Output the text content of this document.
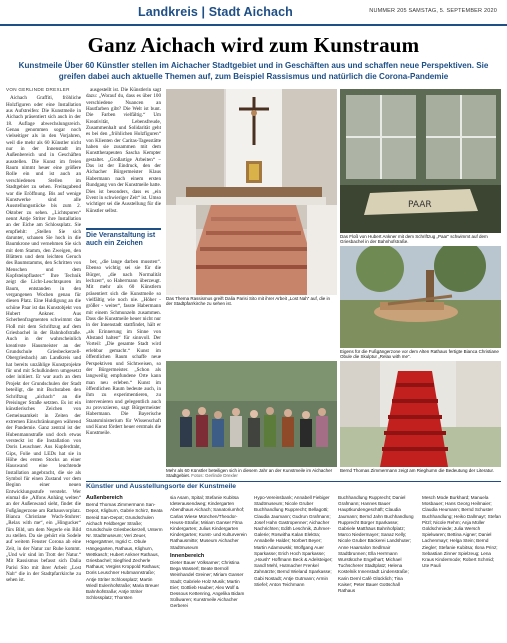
Landkreis | Stadt Aichach	NUMMER 205 SAMSTAG, 5. SEPTEMBER 2020
Ganz Aichach wird zum Kunstraum
Kunstmeile Über 60 Künstler stellen im Aichacher Stadtgebiet und in Geschäften aus und schaffen neue Perspektiven. Sie greifen dabei auch aktuelle Themen auf, zum Beispiel Rassismus und natürlich die Corona-Pandemie
VON GERLINDE DREXLER

Aichach Graffiti, fröhliche Holzfiguren oder eine Installation aus Aufstreifen: Die Kunstmeile in Aichach präsentiert sich auch in der 18. Auflage abwechslungsreich. Genau genommen sogar noch vielseitiger als in den Vorjahren, weil die mehr als 60 Künstler nicht nur in der Innenstadt im Außenbereich und in Geschäften ausstellen. Die Kunst im freien Raum nimmt heuer eine größere Rolle ein und ist auch an verschiedenen Stellen im Stadtgebiet zu sehen. Freitagabend war die Eröffnung. Bis auf wenige Kunstwerke sind alle Ausstellungsstücke bis zum 2. Oktober zu sehen. „Lichtspuren“ nennt Antje Striter ihre Installation an der Eiche am Schlossplatz. Sie empfiehlt: „Stellen Sie sich darunter, schauen Sie hoch in die Baumkrone und vernehmen Sie sich mit dem Stamm, den Zweigen, den Blättern und dem leichten Geruch des Baumstamms, den Schritten von Menschen und dem Kopfsteinpflaster.“ Ihre Technik zeigt die Licht-Leuchtspuren im Baum, entstanden in den vergangenen Wochen genau für diesen Platz. Eine Huldigung an die schöne Paar ist das Kunstobjekt von Hubert Ankner. Aus Scherbenfragmenten schwimmt das Floß mit dem Schriftzug auf dem Griesbachel in der Bahnhofstraße. Auch in der wahrscheinlich kreativste Hausmeister an der Grundschule Griesbeckerzell-Obergriesbach) am Landkreis und hat bereits unzählige Kunstprojekte für und mit Schulkindern umgesetzt oder initiiert. Er war auch an dem Projekt der Grundschulen der Stadt beteiligt, die mit Buchstaben den Schriftzug „aichach“ an die Preisinger Straße setzten. Es ist ein künstlerisches Zeichen von Gemeinsamkeit in Zeiten der extremen Einschränkungen während der Pandemie. Ganz zentral ist der Hubenmannstraße und doch etwas versteckt ist die Installation von Doris Leuschner. Aus Kupferdraht, Gips, Folie und LEDs hat sie in Höhe des ersten Stocks an einer Hauswand eine leuchtende Installation angebracht, die sie als Symbol für einen Zustand vor dem Beginn einer neuen Entwicklungsstufe versteht. Wer einmal die „Alfons Anhäng welten“ an der Außenwand sieht, findet die Fußgängerzone am Rathausvorplatz. Bianca Christiane Wach-Stuhrer: „Relax with me“, ein „Hingucker“ fürs Bild, um dem Negerle ein Bild zu stellen. Da sie gehört ein Sodele auf weitem Fenster Corona ab eine Zeit, in der Natur zur Ruhe kommt. „Und wir sind im Trott der Natur.“ Mit Rassismus befasst sich Dalia Parisi Sito mit ihrer Arbeit „Lost Nah“ die in der Stadtpfarrkirche zu sehen ist.

ausgestellt ist. Die Künstlerin sagt dazu: „Worauf du, dass es über 100 verschiedene Nuancen an Hautfarben gibt? Die Welt ist bunt. Die Farben vielfältig.“ Um Kreativität, Lebensfreude, Zusammenhalt und Solidarität geht es bei den „fröhlichen Holzfiguren“ von Klienten der Caritas-Tagesstätte haben sie zusammen mit dem Kunsttherapeuten Sascha Kempter gestaltet. „Großartige Arbeiten“ – Das ist der Eindruck, den der Aichacher Bürgermeister Klaus Habermann nach einem ersten Rundgang von der Kunstmeile hatte. Dies ist besonders, dass es „ein Event in schwieriger Zeit“ ist. Umso wichtiger sei die Ausstellung für die Künstler selbst.

Die Veranstaltung ist auch ein Zeichen

ber, „die lange darben mussten“. Ebenso wichtig sei sie für die Bürger, „die nach Normalität lechzen“, so Habermann überzeugt. Mit mehr als 60 Künstlern präsentiert sich die Kunstmeile so vielfältig wie noch nie. „Höher - größer - weiter“, fasste Habermann mit einem Schmunzeln zusammen. Dass die Kunstmeile heuer nicht nur in der Innenstadt stattfindet, hält er „als Erinnerung im Sinne von Abstand halten“ für sinnvoll. Der Vorteil: „Die gesamte Stadt wird erlebbar gemacht.“ Kunst im öffentlichen Raum schaffe neue Perspektiven und Sichtweisen, so der Bürgermeister. „Schon als langweilig empfundene Orte kann man neu erleben.“ Kunst im öffentlichen Raum bedeute auch, in ihm zu experimentieren, zu intervenieren und gelegentlich auch zu provozieren, sagt Bürgermeister Habermann. Die Bayerische Staatsministerium für Wissenschaft und Kunst fördert heuer erstmals die Kunstmeile.

Das Thema Rassismus greift Dalia Parisi Sito mit ihrer Arbeit „Lost Nah“ auf, die in der Stadtpfarrkirche zu sehen ist.
PAAR
Das Floß von Hubert Ankner mit dem Schriftzug „Paar“ schwimmt auf dem Griesbachel in der Bahnhofstraße.
Eigens für die Fußgängerzone vor dem Alten Rathaus fertigte Bianca Christiane Obule die Skulptur „Relax with me“.
Mehr als 60 Künstler beteiligen sich in diesem Jahr an der Kunstmeile im Aichacher Stadtgebiet. Fotos: Gerlinde Drexler
Bernd Thomas Zimmermann zeigt am Rieghumn die Bedeutung der Literatur.
Künstler und Ausstellungsorte der Kunstmeile
Außenbereich
Bernd Thomas Zimmermann San-Depot, Kligburn, Gabrie Schirz, Beata Bereid San-Depot; Grundschulen Aichach Feldberger Straße; Grundschule Griesbeckerzell, Unterm Nr. Stadtmuseum; Veri Zeuer, Högergärtner, Ingrid C. Obule Hängegarten, Rathaus, Klighurn, Wettkasch; Hubert Ankner Rathaus, Griesbachel; Siegfried Zecherle Rathaus; Vergiss Kroppold Rathaus; Doris Leuschner Hubmannstraße; Antje Striter Schlossplatz; Martin Wiedl Eulenhofstraße; Maria Breuer Bahnhofstraße; Antje Striter Schlossplatz; Thorsten
sia Asam, Spital; Stefanie Kubitsa Ideterausendweg; Kindergarten Abendhaus Aichach; Sanatoriumhof; Carlas Wiese München/Theodor-Heuss-Straße; Miriam Ganser Fitna Kindergarten; Julius Kindergarten Kindergarten; Kunst- und Kulturverein Rathausmitte; Museum Aichacher Stadtmuseum
Innenbereich
Dieter Bauer Völksamer; Christina Bega Wasserl; Beate Bernoll Weinhandel Greiner; Miriam Ganser Stadt; Gabriele Holz Musik; Martin Eier; Gottlieb Hauber; Alex Wolf & Dessous Kettenring, Angelika Bidam Süßwaren; Kunstmeile Aichacher Gerberei
Hypo-Vereinsbank; Annabell Fiebiger Stadtmuseum; Nicole Gruber Buchhandlung Rupprecht; Bellagotti; Claudia Jaumann; Gudrun Grafmann; Josef Hahn Gastropenner; Aichacher Nachrichten; Edith Leschnik, Zuhmer-Galerie; Roswitha Kalan Elektra; Annabelle Halder; Norbert Beyer; Martin Adamowski; Wolfgang Auer Sparkasse; Erich Hoch Sparkasse; „Housh“ Hoffmann Beck & Adelsteiger; Sandl Mehl, Hutmacher Frenkel Zahnärzte; Bernd Wieland Sparkasse; Gabi Nostadt; Antje Gutmann; Armin Stiefel; Anton Teichmann
Buchhandlung Rupprecht; Daniel Grafmann; Hannes Bauer Hauptkundengeschäft; Claudia Jaumann; Bernd Jahn Buchhandlung Rupprecht Bürger Sparkasse; Gabriele Matthäus Bahnhofplatz; Marco Niedermayer; Sanaz Kelly; Nicole Gruber Bäckerei Landshuter; Anne Haarsalon Sedlmair Stadtbrunnen; Ella Herrmann Wurstküche Engelhart; Michael Tuchscherer Stadtplatz; Helena Kostelnik Innenstadt Lindenstraße; Karin Deml Café Glücklich; Tina Kaiser; Peter Bauer Gottschall Rathaus
Mesch Mode Burkhard; Manuela Mosbauer; Hans Georg Heilmaier; Claudia Heumann; Bernd Schuster Buchhandlung; Heiko Dallmayr; Stefan Pitzl; Nicole Rehm; Anja Müller Goldschmiede; Julia Wersch Spielwaren; Bettina Aigner; Daniel Lachenmayr; Helga Stein; Bernd Ziegler; Stefanie Kubitsa; Ilona Prinz; Sebastian Zinner Spielzeug; Lena Kraus Kindermode; Robert Schmid; Ute Pauli
